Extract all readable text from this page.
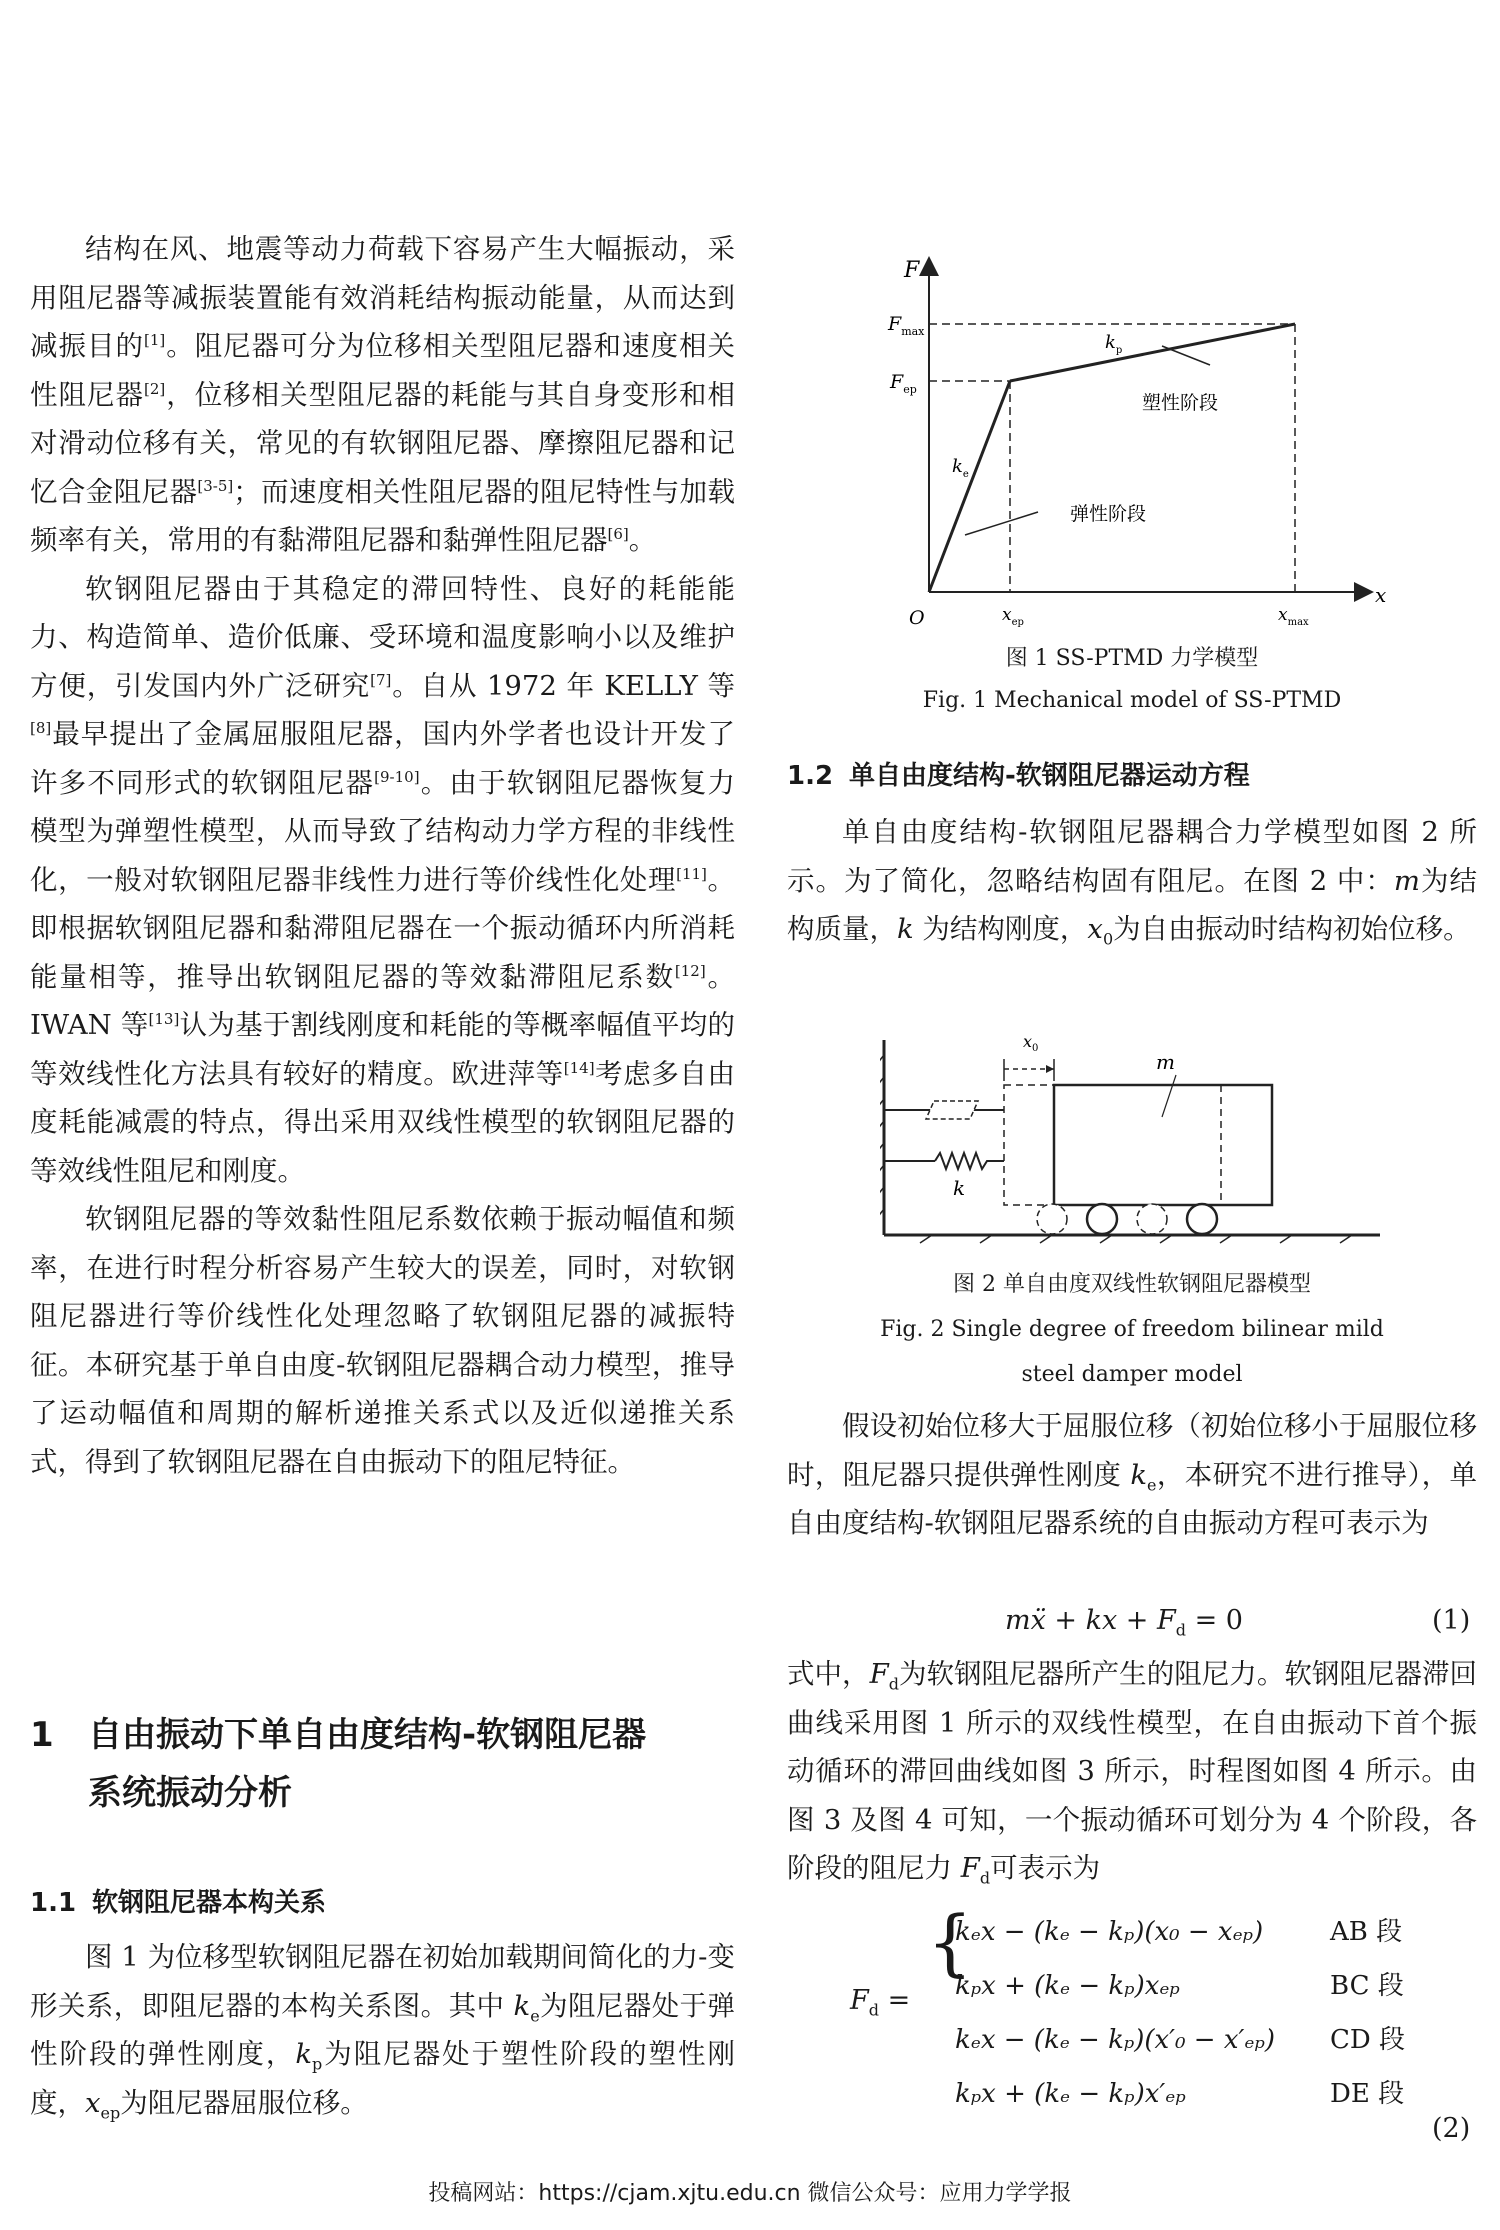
结构在风、地震等动力荷载下容易产生大幅振动，采用阻尼器等减振装置能有效消耗结构振动能量，从而达到减振目的[1]。阻尼器可分为位移相关型阻尼器和速度相关性阻尼器[2]，位移相关型阻尼器的耗能与其自身变形和相对滑动位移有关，常见的有软钢阻尼器、摩擦阻尼器和记忆合金阻尼器[3-5]；而速度相关性阻尼器的阻尼特性与加载频率有关，常用的有黏滞阻尼器和黏弹性阻尼器[6]。

软钢阻尼器由于其稳定的滞回特性、良好的耗能能力、构造简单、造价低廉、受环境和温度影响小以及维护方便，引发国内外广泛研究[7]。自从 1972 年 KELLY 等[8]最早提出了金属屈服阻尼器，国内外学者也设计开发了许多不同形式的软钢阻尼器[9-10]。由于软钢阻尼器恢复力模型为弹塑性模型，从而导致了结构动力学方程的非线性化，一般对软钢阻尼器非线性力进行等价线性化处理[11]。即根据软钢阻尼器和黏滞阻尼器在一个振动循环内所消耗能量相等，推导出软钢阻尼器的等效黏滞阻尼系数[12]。IWAN 等[13]认为基于割线刚度和耗能的等概率幅值平均的等效线性化方法具有较好的精度。欧进萍等[14]考虑多自由度耗能减震的特点，得出采用双线性模型的软钢阻尼器的等效线性阻尼和刚度。

软钢阻尼器的等效黏性阻尼系数依赖于振动幅值和频率，在进行时程分析容易产生较大的误差，同时，对软钢阻尼器进行等价线性化处理忽略了软钢阻尼器的减振特征。本研究基于单自由度-软钢阻尼器耦合动力模型，推导了运动幅值和周期的解析递推关系式以及近似递推关系式，得到了软钢阻尼器在自由振动下的阻尼特征。

1 自由振动下单自由度结构-软钢阻尼器
系统振动分析
1.1 软钢阻尼器本构关系

图 1 为位移型软钢阻尼器在初始加载期间简化的力-变形关系，即阻尼器的本构关系图。其中 $k_e$为阻尼器处于弹性阶段的弹性刚度，$k_p$为阻尼器处于塑性阶段的塑性刚度，$x_{ep}$为阻尼器屈服位移。

F
$F_{max}$
$F_{ep}$
O
x
$x_{ep}$	$x_{max}$
$k_e$
$k_p$
塑性阶段
弹性阶段
图 1 SS-PTMD 力学模型
Fig. 1 Mechanical model of SS-PTMD
1.2 单自由度结构-软钢阻尼器运动方程

单自由度结构-软钢阻尼器耦合力学模型如图 2 所示。为了简化，忽略结构固有阻尼。在图 2 中：m为结构质量，k 为结构刚度，$x_0$为自由振动时结构初始位移。

$x_0$
m
k
图 2 单自由度双线性软钢阻尼器模型
Fig. 2 Single degree of freedom bilinear mild
steel damper model

假设初始位移大于屈服位移（初始位移小于屈服位移时，阻尼器只提供弹性刚度 $k_e$，本研究不进行推导），单自由度结构-软钢阻尼器系统的自由振动方程可表示为

mẍ + kx + $F_d = 0$	(1)

式中，$F_d$为软钢阻尼器所产生的阻尼力。软钢阻尼器滞回曲线采用图 1 所示的双线性模型，在自由振动下首个振动循环的滞回曲线如图 3 所示，时程图如图 4 所示。由图 3 及图 4 可知，一个振动循环可划分为 4 个阶段，各阶段的阻尼力 $F_d$可表示为

$F_d$ =
{
kₑx − (kₑ − kₚ)(x₀ − xₑₚ)
kₚx + (kₑ − kₚ)xₑₚ
kₑx − (kₑ − kₚ)(x′₀ − x′ₑₚ)
kₚx + (kₑ − kₚ)x′ₑₚ
AB 段
BC 段
CD 段
DE 段
(2)
投稿网站：https://cjam.xjtu.edu.cn 微信公众号：应用力学学报
